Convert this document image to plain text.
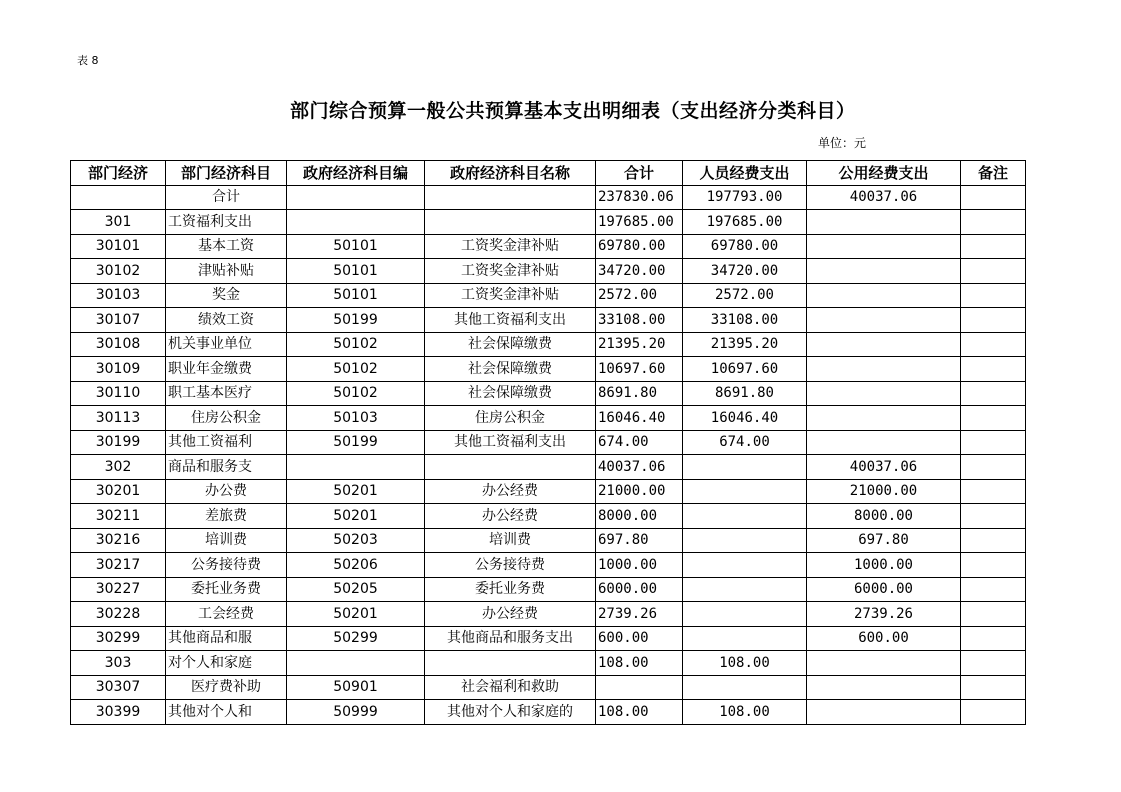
表 8
部门综合预算一般公共预算基本支出明细表（支出经济分类科目）
单位：元
部门经济	部门经济科目	政府经济科目编	政府经济科目名称	合计	人员经费支出	公用经费支出	备注
	合计			237830.06	197793.00	40037.06	
301	工资福利支出			197685.00	197685.00		
30101	基本工资	50101	工资奖金津补贴	69780.00	69780.00		
30102	津贴补贴	50101	工资奖金津补贴	34720.00	34720.00		
30103	奖金	50101	工资奖金津补贴	2572.00	2572.00		
30107	绩效工资	50199	其他工资福利支出	33108.00	33108.00		
30108	机关事业单位	50102	社会保障缴费	21395.20	21395.20		
30109	职业年金缴费	50102	社会保障缴费	10697.60	10697.60		
30110	职工基本医疗	50102	社会保障缴费	8691.80	8691.80		
30113	住房公积金	50103	住房公积金	16046.40	16046.40		
30199	其他工资福利	50199	其他工资福利支出	674.00	674.00		
302	商品和服务支			40037.06		40037.06	
30201	办公费	50201	办公经费	21000.00		21000.00	
30211	差旅费	50201	办公经费	8000.00		8000.00	
30216	培训费	50203	培训费	697.80		697.80	
30217	公务接待费	50206	公务接待费	1000.00		1000.00	
30227	委托业务费	50205	委托业务费	6000.00		6000.00	
30228	工会经费	50201	办公经费	2739.26		2739.26	
30299	其他商品和服	50299	其他商品和服务支出	600.00		600.00	
303	对个人和家庭			108.00	108.00		
30307	医疗费补助	50901	社会福利和救助				
30399	其他对个人和	50999	其他对个人和家庭的	108.00	108.00		
